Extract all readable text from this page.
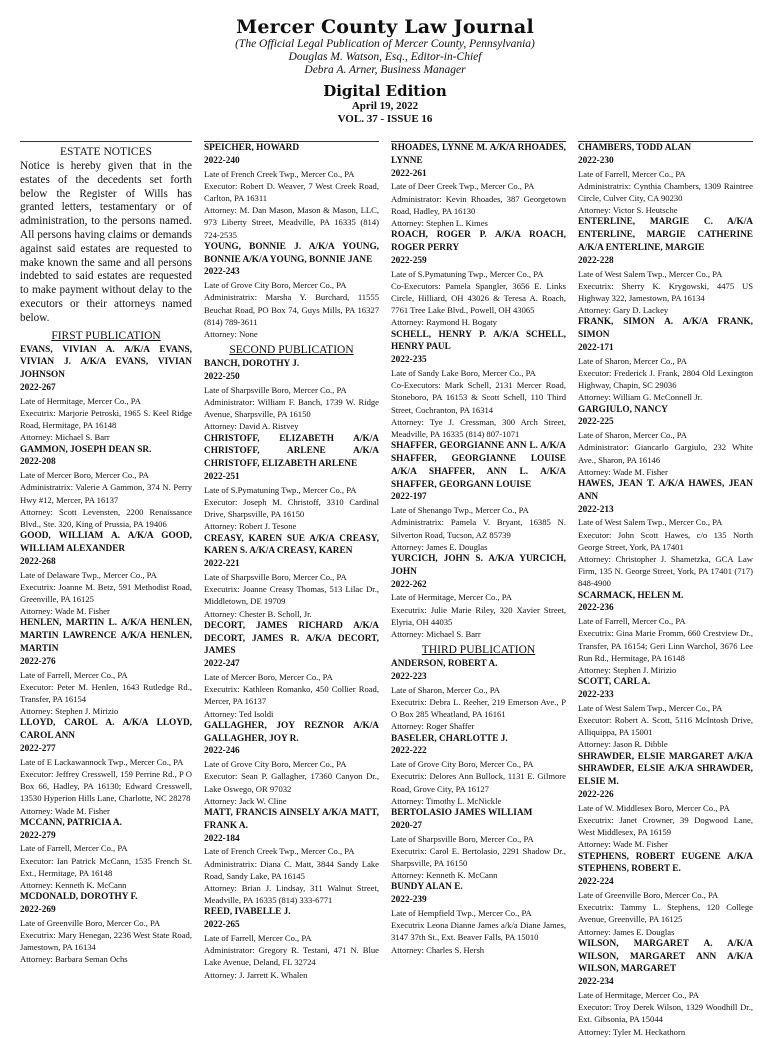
Mercer County Law Journal
(The Official Legal Publication of Mercer County, Pennsylvania)
Douglas M. Watson, Esq., Editor-in-Chief
Debra A. Arner, Business Manager
Digital Edition
April 19, 2022
VOL. 37 - ISSUE 16
ESTATE NOTICES

Notice is hereby given that in the estates of the decedents set forth below the Register of Wills has granted letters, testamentary or of administration, to the persons named. All persons having claims or demands against said estates are requested to make known the same and all persons indebted to said estates are requested to make payment without delay to the executors or their attorneys named below.

FIRST PUBLICATION
EVANS, VIVIAN A. A/K/A EVANS, VIVIAN J. A/K/A EVANS, VIVIAN JOHNSON
2022-267
Late of Hermitage, Mercer Co., PA
Executrix: Marjorie Petroski, 1965 S. Keel Ridge Road, Hermitage, PA 16148
Attorney: Michael S. Barr
GAMMON, JOSEPH DEAN SR.
2022-208
Late of Mercer Boro, Mercer Co., PA
Administratrix: Valerie A Gammon, 374 N. Perry Hwy #12, Mercer, PA 16137
Attorney: Scott Levensten, 2200 Renaissance Blvd., Ste. 320, King of Prussia, PA 19406
GOOD, WILLIAM A. A/K/A GOOD, WILLIAM ALEXANDER
2022-268
Late of Delaware Twp., Mercer Co., PA
Executrix: Joanne M. Betz, 591 Methodist Road, Greenville, PA 16125
Attorney: Wade M. Fisher
HENLEN, MARTIN L. A/K/A HENLEN, MARTIN LAWRENCE A/K/A HENLEN, MARTIN
2022-276
Late of Farrell, Mercer Co., PA
Executor: Peter M. Henlen, 1643 Rutledge Rd., Transfer, PA 16154
Attorney: Stephen J. Mirizio
LLOYD, CAROL A. A/K/A LLOYD, CAROL ANN
2022-277
Late of E Lackawannock Twp., Mercer Co., PA
Executor: Jeffrey Cresswell, 159 Perrine Rd., P O Box 66, Hadley, PA 16130; Edward Cresswell, 13530 Hyperion Hills Lane, Charlotte, NC 28278
Attorney: Wade M. Fisher
MCCANN, PATRICIA A.
2022-279
Late of Farrell, Mercer Co., PA
Executor: Ian Patrick McCann, 1535 French St. Ext., Hermitage, PA 16148
Attorney: Kenneth K. McCann
MCDONALD, DOROTHY F.
2022-269
Late of Greenville Boro, Mercer Co., PA
Executrix: Mary Henegan, 2236 West State Road, Jamestown, PA 16134
Attorney: Barbara Seman Ochs
SPEICHER, HOWARD
2022-240
Late of French Creek Twp., Mercer Co., PA
Executor: Robert D. Weaver, 7 West Creek Road, Carlton, PA 16311
Attorney: M. Dan Mason, Mason & Mason, LLC, 973 Liberty Street, Meadville, PA 16335 (814) 724-2535
YOUNG, BONNIE J. A/K/A YOUNG, BONNIE A/K/A YOUNG, BONNIE JANE
2022-243
Late of Grove City Boro, Mercer Co., PA
Administratrix: Marsha Y. Burchard, 11555 Beuchat Road, PO Box 74, Guys Mills, PA 16327 (814) 789-3611
Attorney: None
SECOND PUBLICATION
BANCH, DOROTHY J.
2022-250
Late of Sharpsville Boro, Mercer Co., PA
Administrator: William F. Banch, 1739 W. Ridge Avenue, Sharpsville, PA 16150
Attorney: David A. Ristvey
CHRISTOFF, ELIZABETH A/K/A CHRISTOFF, ARLENE A/K/A CHRISTOFF, ELIZABETH ARLENE
2022-251
Late of S.Pymatuning Twp., Mercer Co., PA
Executor: Joseph M. Christoff, 3310 Cardinal Drive, Sharpsville, PA 16150
Attorney: Robert J. Tesone
CREASY, KAREN SUE A/K/A CREASY, KAREN S. A/K/A CREASY, KAREN
2022-221
Late of Sharpsville Boro, Mercer Co., PA
Executrix: Joanne Creasy Thomas, 513 Lilac Dr., Middletown, DE 19709
Attorney: Chester B. Scholl, Jr.
DECORT, JAMES RICHARD A/K/A DECORT, JAMES R. A/K/A DECORT, JAMES
2022-247
Late of Mercer Boro, Mercer Co., PA
Executrix: Kathleen Romanko, 450 Collier Road, Mercer, PA 16137
Attorney: Ted Isoldi
GALLAGHER, JOY REZNOR A/K/A GALLAGHER, JOY R.
2022-246
Late of Grove City Boro, Mercer Co., PA
Executor: Sean P. Gallagher, 17360 Canyon Dr., Lake Oswego, OR 97032
Attorney: Jack W. Cline
MATT, FRANCIS AINSELY A/K/A MATT, FRANK A.
2022-184
Late of French Creek Twp., Mercer Co., PA
Administratrix: Diana C. Matt, 3844 Sandy Lake Road, Sandy Lake, PA 16145
Attorney: Brian J. Lindsay, 311 Walnut Street, Meadville, PA 16335 (814) 333-6771
REED, IVABELLE J.
2022-265
Late of Farrell, Mercer Co., PA
Administrator: Gregory R. Testani, 471 N. Blue Lake Avenue, Deland, FL 32724
Attorney: J. Jarrett K. Whalen
RHOADES, LYNNE M. A/K/A RHOADES, LYNNE
2022-261
Late of Deer Creek Twp., Mercer Co., PA
Administrator: Kevin Rhoades, 387 Georgetown Road, Hadley, PA 16130
Attorney: Stephen L. Kimes
ROACH, ROGER P. A/K/A ROACH, ROGER PERRY
2022-259
Late of S.Pymatuning Twp., Mercer Co., PA
Co-Executors: Pamela Spangler, 3656 E. Links Circle, Hilliard, OH 43026 & Teresa A. Roach, 7761 Tree Lake Blvd., Powell, OH 43065
Attorney: Raymond H. Bogaty
SCHELL, HENRY P. A/K/A SCHELL, HENRY PAUL
2022-235
Late of Sandy Lake Boro, Mercer Co., PA
Co-Executors: Mark Schell, 2131 Mercer Road, Stoneboro, PA 16153 & Scott Schell, 110 Third Street, Cochranton, PA 16314
Attorney: Tye J. Cressman, 300 Arch Street, Meadville, PA 16335 (814) 807-1071
SHAFFER, GEORGIANNE ANN L. A/K/A SHAFFER, GEORGIANNE LOUISE A/K/A SHAFFER, ANN L. A/K/A SHAFFER, GEORGANN LOUISE
2022-197
Late of Shenango Twp., Mercer Co., PA
Administratrix: Pamela V. Bryant, 16385 N. Silverton Road, Tucson, AZ 85739
Attorney: James E. Douglas
YURCICH, JOHN S. A/K/A YURCICH, JOHN
2022-262
Late of Hermitage, Mercer Co., PA
Executrix: Julie Marie Riley, 320 Xavier Street, Elyria, OH 44035
Attorney: Michael S. Barr
THIRD PUBLICATION
ANDERSON, ROBERT A.
2022-223
Late of Sharon, Mercer Co., PA
Executrix: Debra L. Reeher, 219 Emerson Ave., P O Box 285 Wheatland, PA 16161
Attorney: Roger Shaffer
BASELER, CHARLOTTE J.
2022-222
Late of Grove City Boro, Mercer Co., PA
Executrix: Delores Ann Bullock, 1131 E. Gilmore Road, Grove City, PA 16127
Attorney: Timothy L. McNickle
BERTOLASIO JAMES WILLIAM
2020-27
Late of Sharpsville Boro, Mercer Co., PA
Executrix: Carol E. Bertolasio, 2291 Shadow Dr., Sharpsville, PA 16150
Attorney: Kenneth K. McCann
BUNDY ALAN E.
2022-239
Late of Hempfield Twp., Mercer Co., PA
Executrix Leona Dianne James a/k/a Diane James, 3147 37th St., Ext. Beaver Falls, PA 15010
Attorney: Charles S. Hersh
CHAMBERS, TODD ALAN
2022-230
Late of Farrell, Mercer Co., PA
Administratrix: Cynthia Chambers, 1309 Raintree Circle, Culver City, CA 90230
Attorney: Victor S. Heutsche
ENTERLINE, MARGIE C. A/K/A ENTERLINE, MARGIE CATHERINE A/K/A ENTERLINE, MARGIE
2022-228
Late of West Salem Twp., Mercer Co., PA
Executrix: Sherry K. Krygowski, 4475 US Highway 322, Jamestown, PA 16134
Attorney: Gary D. Lackey
FRANK, SIMON A. A/K/A FRANK, SIMON
2022-171
Late of Sharon, Mercer Co., PA
Executor: Frederick J. Frank, 2804 Old Lexington Highway, Chapin, SC 29036
Attorney: William G. McConnell Jr.
GARGIULO, NANCY
2022-225
Late of Sharon, Mercer Co., PA
Administrator: Giancarlo Gargiulo, 232 White Ave., Sharon, PA 16146
Attorney: Wade M. Fisher
HAWES, JEAN T. A/K/A HAWES, JEAN ANN
2022-213
Late of West Salem Twp., Mercer Co., PA
Executor: John Scott Hawes, c/o 135 North George Street, York, PA 17401
Attorney: Christopher J. Shametzka, GCA Law Firm, 135 N. George Street, York, PA 17401 (717) 848-4900
SCARMACK, HELEN M.
2022-236
Late of Farrell, Mercer Co., PA
Executrix: Gina Marie Fromm, 660 Crestview Dr., Transfer, PA 16154; Geri Linn Warchol, 3676 Lee Run Rd., Hermitage, PA 16148
Attorney: Stephen J. Mirizio
SCOTT, CARL A.
2022-233
Late of West Salem Twp., Mercer Co., PA
Executor: Robert A. Scott, 5116 McIntosh Drive, Alliquippa, PA 15001
Attorney: Jason R. Dibble
SHRAWDER, ELSIE MARGARET A/K/A SHRAWDER, ELSIE A/K/A SHRAWDER, ELSIE M.
2022-226
Late of W. Middlesex Boro, Mercer Co., PA
Executrix: Janet Crowner, 39 Dogwood Lane, West Middlesex, PA 16159
Attorney: Wade M. Fisher
STEPHENS, ROBERT EUGENE A/K/A STEPHENS, ROBERT E.
2022-224
Late of Greenville Boro, Mercer Co., PA
Executrix: Tammy L. Stephens, 120 College Avenue, Greenville, PA 16125
Attorney: James E. Douglas
WILSON, MARGARET A. A/K/A WILSON, MARGARET ANN A/K/A WILSON, MARGARET
2022-234
Late of Hermitage, Mercer Co., PA
Executor: Troy Derek Wilson, 1329 Woodhill Dr., Ext. Gibsonia, PA 15044
Attorney: Tyler M. Heckathorn
